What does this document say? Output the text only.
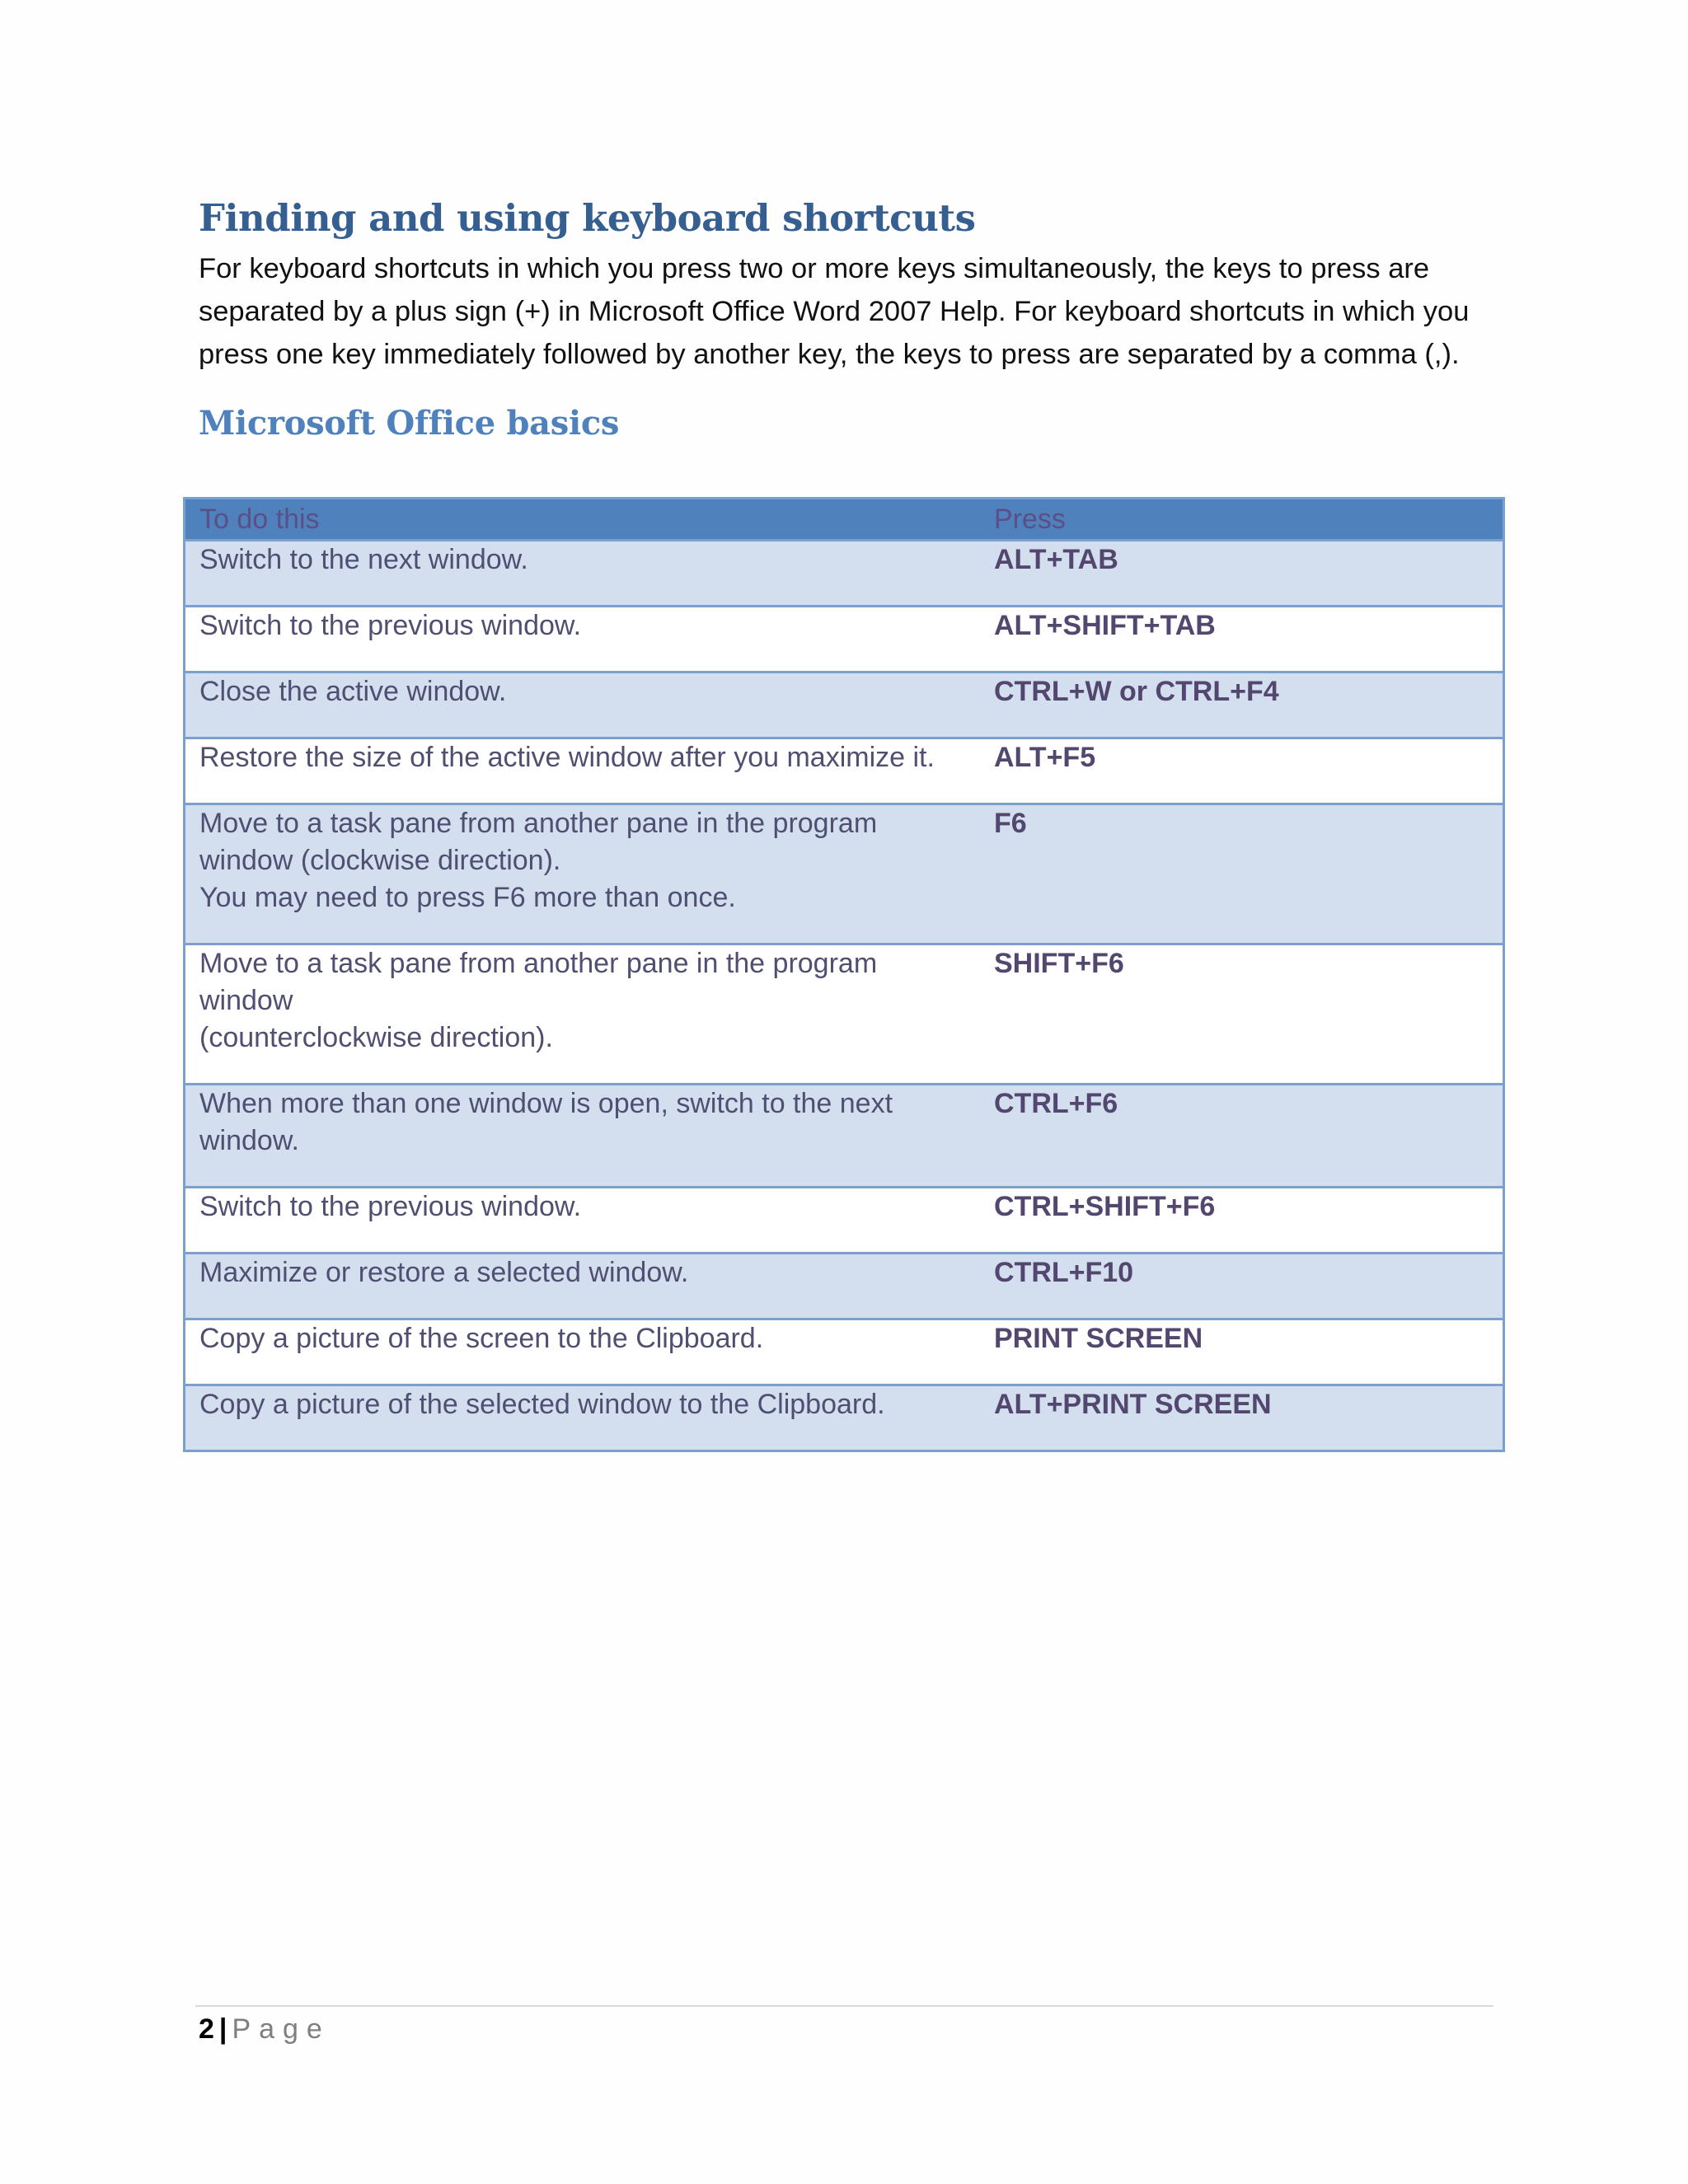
Finding and using keyboard shortcuts

For keyboard shortcuts in which you press two or more keys simultaneously, the keys to press are
separated by a plus sign (+) in Microsoft Office Word 2007 Help. For keyboard shortcuts in which you
press one key immediately followed by another key, the keys to press are separated by a comma (,).

Microsoft Office basics
To do this	Press

Switch to the next window.	ALT+TAB

Switch to the previous window.	ALT+SHIFT+TAB

Close the active window.	CTRL+W or CTRL+F4

Restore the size of the active window after you maximize it.	ALT+F5

Move to a task pane from another pane in the program
window (clockwise direction).
You may need to press F6 more than once.	F6

Move to a task pane from another pane in the program
window
(counterclockwise direction).	SHIFT+F6

When more than one window is open, switch to the next
window.	CTRL+F6

Switch to the previous window.	CTRL+SHIFT+F6

Maximize or restore a selected window.	CTRL+F10

Copy a picture of the screen to the Clipboard.	PRINT SCREEN

Copy a picture of the selected window to the Clipboard.	ALT+PRINT SCREEN
2 | Page
